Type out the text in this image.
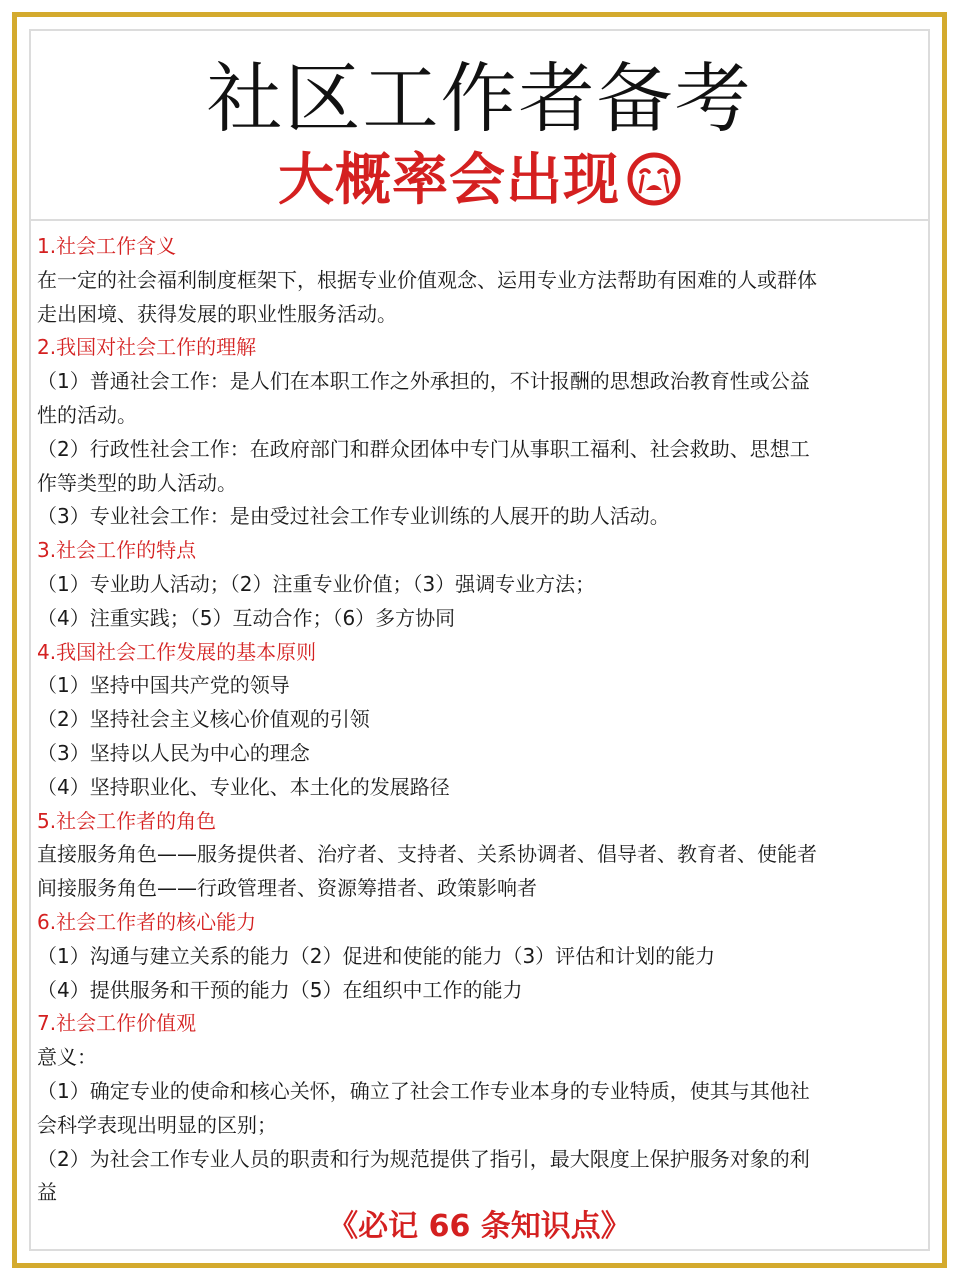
社区工作者备考
大概率会出现
1.社会工作含义
在一定的社会福利制度框架下，根据专业价值观念、运用专业方法帮助有困难的人或群体
走出困境、获得发展的职业性服务活动。
2.我国对社会工作的理解
（1）普通社会工作：是人们在本职工作之外承担的，不计报酬的思想政治教育性或公益
性的活动。
（2）行政性社会工作：在政府部门和群众团体中专门从事职工福利、社会救助、思想工
作等类型的助人活动。
（3）专业社会工作：是由受过社会工作专业训练的人展开的助人活动。
3.社会工作的特点
（1）专业助人活动；（2）注重专业价值；（3）强调专业方法；
（4）注重实践；（5）互动合作；（6）多方协同
4.我国社会工作发展的基本原则
（1）坚持中国共产党的领导
（2）坚持社会主义核心价值观的引领
（3）坚持以人民为中心的理念
（4）坚持职业化、专业化、本土化的发展路径
5.社会工作者的角色
直接服务角色——服务提供者、治疗者、支持者、关系协调者、倡导者、教育者、使能者
间接服务角色——行政管理者、资源筹措者、政策影响者
6.社会工作者的核心能力
（1）沟通与建立关系的能力（2）促进和使能的能力（3）评估和计划的能力
（4）提供服务和干预的能力（5）在组织中工作的能力
7.社会工作价值观
意义：
（1）确定专业的使命和核心关怀，确立了社会工作专业本身的专业特质，使其与其他社
会科学表现出明显的区别；
（2）为社会工作专业人员的职责和行为规范提供了指引，最大限度上保护服务对象的利
益
《必记 66 条知识点》
